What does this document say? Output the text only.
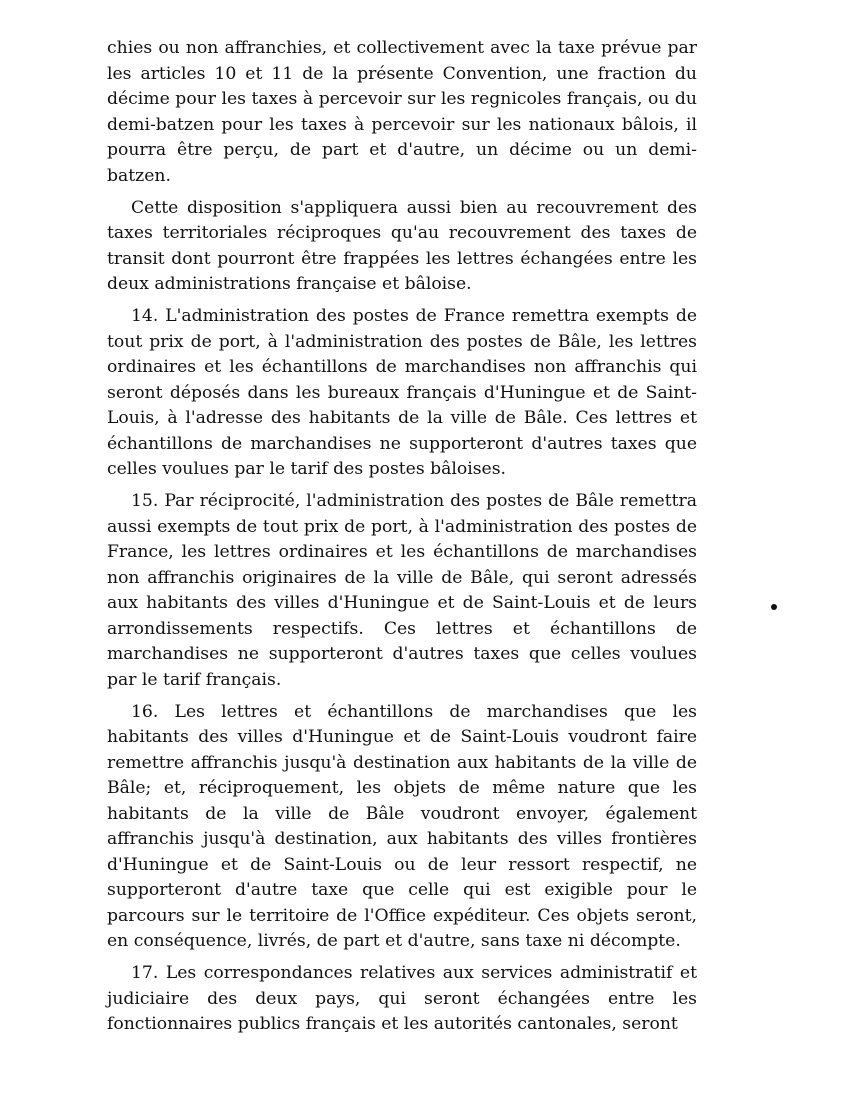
chies ou non affranchies, et collectivement avec la taxe prévue par les articles 10 et 11 de la présente Convention, une fraction du décime pour les taxes à percevoir sur les regnicoles français, ou du demi-batzen pour les taxes à percevoir sur les nationaux bâlois, il pourra être perçu, de part et d'autre, un décime ou un demi-batzen.

Cette disposition s'appliquera aussi bien au recouvrement des taxes territoriales réciproques qu'au recouvrement des taxes de transit dont pourront être frappées les lettres échangées entre les deux administrations française et bâloise.

14. L'administration des postes de France remettra exempts de tout prix de port, à l'administration des postes de Bâle, les lettres ordinaires et les échantillons de marchandises non affranchis qui seront déposés dans les bureaux français d'Huningue et de Saint-Louis, à l'adresse des habitants de la ville de Bâle. Ces lettres et échantillons de marchandises ne supporteront d'autres taxes que celles voulues par le tarif des postes bâloises.

15. Par réciprocité, l'administration des postes de Bâle remettra aussi exempts de tout prix de port, à l'administration des postes de France, les lettres ordinaires et les échantillons de marchandises non affranchis originaires de la ville de Bâle, qui seront adressés aux habitants des villes d'Huningue et de Saint-Louis et de leurs arrondissements respectifs. Ces lettres et échantillons de marchandises ne supporteront d'autres taxes que celles voulues par le tarif français.

16. Les lettres et échantillons de marchandises que les habitants des villes d'Huningue et de Saint-Louis voudront faire remettre affranchis jusqu'à destination aux habitants de la ville de Bâle; et, réciproquement, les objets de même nature que les habitants de la ville de Bâle voudront envoyer, également affranchis jusqu'à destination, aux habitants des villes frontières d'Huningue et de Saint-Louis ou de leur ressort respectif, ne supporteront d'autre taxe que celle qui est exigible pour le parcours sur le territoire de l'Office expéditeur. Ces objets seront, en conséquence, livrés, de part et d'autre, sans taxe ni décompte.

17. Les correspondances relatives aux services administratif et judiciaire des deux pays, qui seront échangées entre les fonctionnaires publics français et les autorités cantonales, seront
